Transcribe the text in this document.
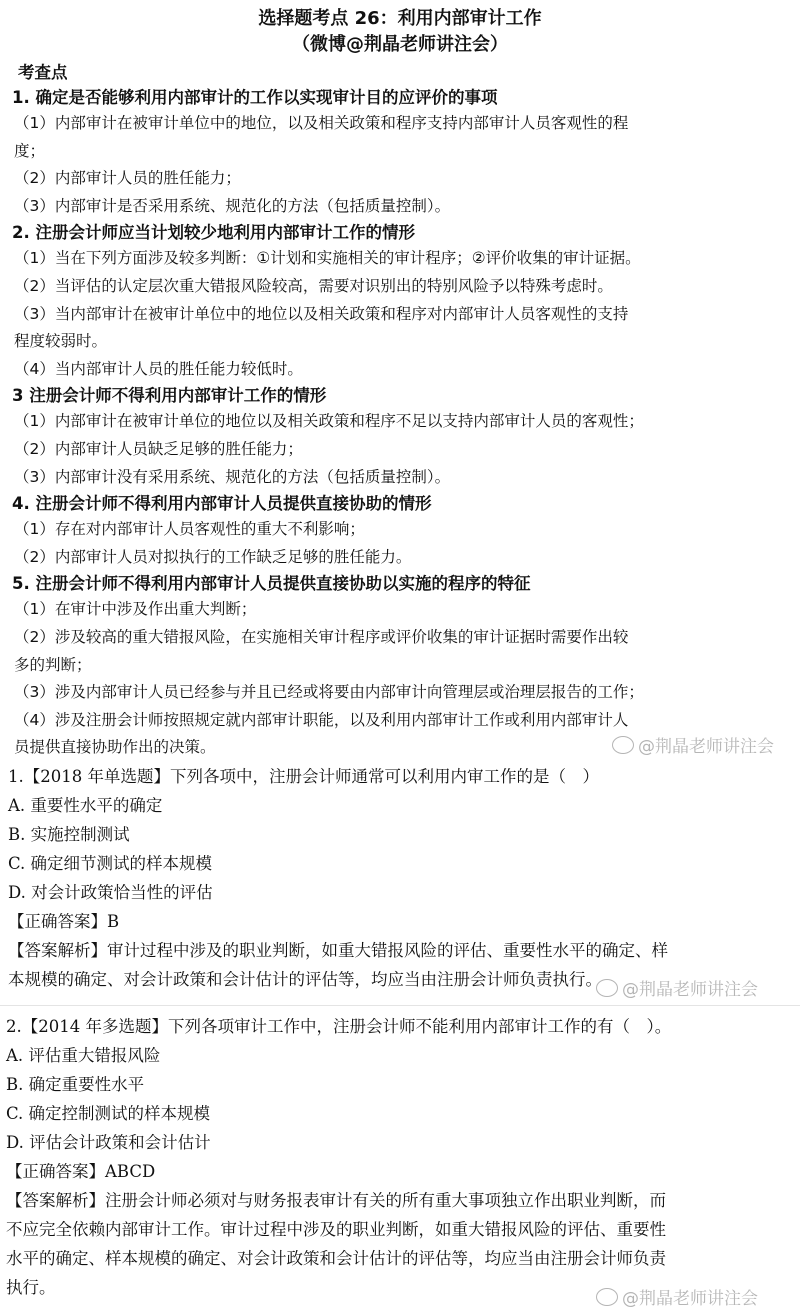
选择题考点 26：利用内部审计工作
（微博@荆晶老师讲注会）
考查点
1. 确定是否能够利用内部审计的工作以实现审计目的应评价的事项
（1）内部审计在被审计单位中的地位，以及相关政策和程序支持内部审计人员客观性的程
度；
（2）内部审计人员的胜任能力；
（3）内部审计是否采用系统、规范化的方法（包括质量控制）。
2. 注册会计师应当计划较少地利用内部审计工作的情形
（1）当在下列方面涉及较多判断：①计划和实施相关的审计程序；②评价收集的审计证据。
（2）当评估的认定层次重大错报风险较高，需要对识别出的特别风险予以特殊考虑时。
（3）当内部审计在被审计单位中的地位以及相关政策和程序对内部审计人员客观性的支持
程度较弱时。
（4）当内部审计人员的胜任能力较低时。
3 注册会计师不得利用内部审计工作的情形
（1）内部审计在被审计单位的地位以及相关政策和程序不足以支持内部审计人员的客观性；
（2）内部审计人员缺乏足够的胜任能力；
（3）内部审计没有采用系统、规范化的方法（包括质量控制）。
4. 注册会计师不得利用内部审计人员提供直接协助的情形
（1）存在对内部审计人员客观性的重大不利影响；
（2）内部审计人员对拟执行的工作缺乏足够的胜任能力。
5. 注册会计师不得利用内部审计人员提供直接协助以实施的程序的特征
（1）在审计中涉及作出重大判断；
（2）涉及较高的重大错报风险，在实施相关审计程序或评价收集的审计证据时需要作出较
多的判断；
（3）涉及内部审计人员已经参与并且已经或将要由内部审计向管理层或治理层报告的工作；
（4）涉及注册会计师按照规定就内部审计职能，以及利用内部审计工作或利用内部审计人
员提供直接协助作出的决策。	@荆晶老师讲注会
1.【2018 年单选题】下列各项中，注册会计师通常可以利用内审工作的是（　）
A. 重要性水平的确定
B. 实施控制测试
C. 确定细节测试的样本规模
D. 对会计政策恰当性的评估
【正确答案】B
【答案解析】审计过程中涉及的职业判断，如重大错报风险的评估、重要性水平的确定、样
本规模的确定、对会计政策和会计估计的评估等，均应当由注册会计师负责执行。
@荆晶老师讲注会
2.【2014 年多选题】下列各项审计工作中，注册会计师不能利用内部审计工作的有（　）。
A. 评估重大错报风险
B. 确定重要性水平
C. 确定控制测试的样本规模
D. 评估会计政策和会计估计
【正确答案】ABCD
【答案解析】注册会计师必须对与财务报表审计有关的所有重大事项独立作出职业判断，而
不应完全依赖内部审计工作。审计过程中涉及的职业判断，如重大错报风险的评估、重要性
水平的确定、样本规模的确定、对会计政策和会计估计的评估等，均应当由注册会计师负责
执行。
@荆晶老师讲注会
